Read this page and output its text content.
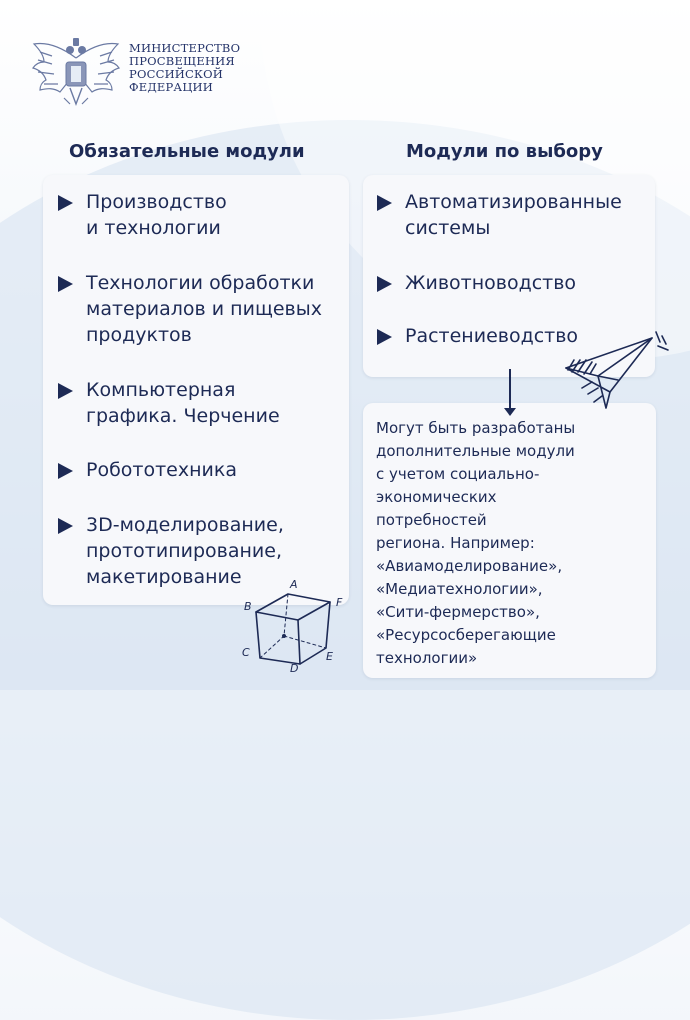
МИНИСТЕРСТВО
ПРОСВЕЩЕНИЯ
РОССИЙСКОЙ
ФЕДЕРАЦИИ
Обязательные модули	Модули по выбору
Производство
и технологии
Технологии обработки
материалов и пищевых
продуктов
Компьютерная
графика. Черчение
Робототехника
3D-моделирование,
прототипирование,
макетирование
Автоматизированные
системы
Животноводство
Растениеводство
Могут быть разработаны
дополнительные модули
с учетом социально-
экономических
потребностей
региона. Например:
«Авиамоделирование»,
«Медиатехнологии»,
«Сити-фермерство»,
«Ресурсосберегающие
технологии»
A
B	F
C
D
E
